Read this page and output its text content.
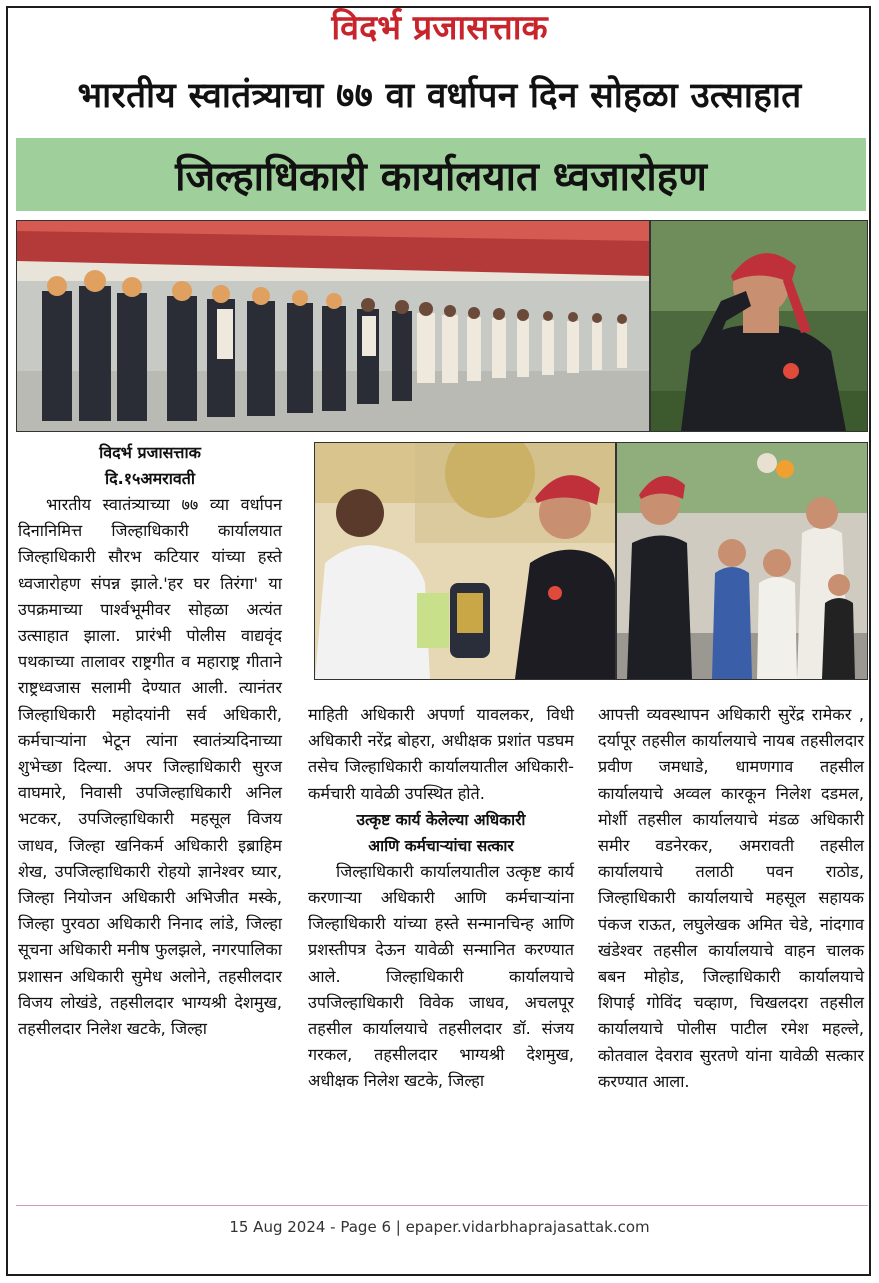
विदर्भ प्रजासत्ताक
भारतीय स्वातंत्र्याचा ७७ वा वर्धापन दिन सोहळा उत्साहात
जिल्हाधिकारी कार्यालयात ध्वजारोहण
विदर्भ प्रजासत्ताक
दि.१५अमरावती

भारतीय स्वातंत्र्याच्या ७७ व्या वर्धापन दिनानिमित्त जिल्हाधिकारी कार्यालयात जिल्हाधिकारी सौरभ कटियार यांच्या हस्ते ध्वजारोहण संपन्न झाले.'हर घर तिरंगा' या उपक्रमाच्या पार्श्वभूमीवर सोहळा अत्यंत उत्साहात झाला. प्रारंभी पोलीस वाद्यवृंद पथकाच्या तालावर राष्ट्रगीत व महाराष्ट्र गीताने राष्ट्रध्वजास सलामी देण्यात आली. त्यानंतर जिल्हाधिकारी महोदयांनी सर्व अधिकारी, कर्मचाऱ्यांना भेटून त्यांना स्वातंत्र्यदिनाच्या शुभेच्छा दिल्या. अपर जिल्हाधिकारी सुरज वाघमारे, निवासी उपजिल्हाधिकारी अनिल भटकर, उपजिल्हाधिकारी महसूल विजय जाधव, जिल्हा खनिकर्म अधिकारी इब्राहिम शेख, उपजिल्हाधिकारी रोहयो ज्ञानेश्वर घ्यार, जिल्हा नियोजन अधिकारी अभिजीत मस्के, जिल्हा पुरवठा अधिकारी निनाद लांडे, जिल्हा सूचना अधिकारी मनीष फुलझले, नगरपालिका प्रशासन अधिकारी सुमेध अलोने, तहसीलदार विजय लोखंडे, तहसीलदार भाग्यश्री देशमुख, तहसीलदार निलेश खटके, जिल्हा

माहिती अधिकारी अपर्णा यावलकर, विधी अधिकारी नरेंद्र बोहरा, अधीक्षक प्रशांत पडघम तसेच जिल्हाधिकारी कार्यालयातील अधिकारी-कर्मचारी यावेळी उपस्थित होते.

उत्कृष्ट कार्य केलेल्या अधिकारी
आणि कर्मचाऱ्यांचा सत्कार

जिल्हाधिकारी कार्यालयातील उत्कृष्ट कार्य करणाऱ्या अधिकारी आणि कर्मचाऱ्यांना जिल्हाधिकारी यांच्या हस्ते सन्मानचिन्ह आणि प्रशस्तीपत्र देऊन यावेळी सन्मानित करण्यात आले. जिल्हाधिकारी कार्यालयाचे उपजिल्हाधिकारी विवेक जाधव, अचलपूर तहसील कार्यालयाचे तहसीलदार डॉ. संजय गरकल, तहसीलदार भाग्यश्री देशमुख, अधीक्षक निलेश खटके, जिल्हा

आपत्ती व्यवस्थापन अधिकारी सुरेंद्र रामेकर , दर्यापूर तहसील कार्यालयाचे नायब तहसीलदार प्रवीण जमधाडे, धामणगाव तहसील कार्यालयाचे अव्वल कारकून निलेश दडमल, मोर्शी तहसील कार्यालयाचे मंडळ अधिकारी समीर वडनेरकर, अमरावती तहसील कार्यालयाचे तलाठी पवन राठोड, जिल्हाधिकारी कार्यालयाचे महसूल सहायक पंकज राऊत, लघुलेखक अमित चेडे, नांदगाव खंडेश्वर तहसील कार्यालयाचे वाहन चालक बबन मोहोड, जिल्हाधिकारी कार्यालयाचे शिपाई गोविंद चव्हाण, चिखलदरा तहसील कार्यालयाचे पोलीस पाटील रमेश महल्ले, कोतवाल देवराव सुरतणे यांना यावेळी सत्कार करण्यात आला.

15 Aug 2024 - Page 6 | epaper.vidarbhaprajasattak.com
